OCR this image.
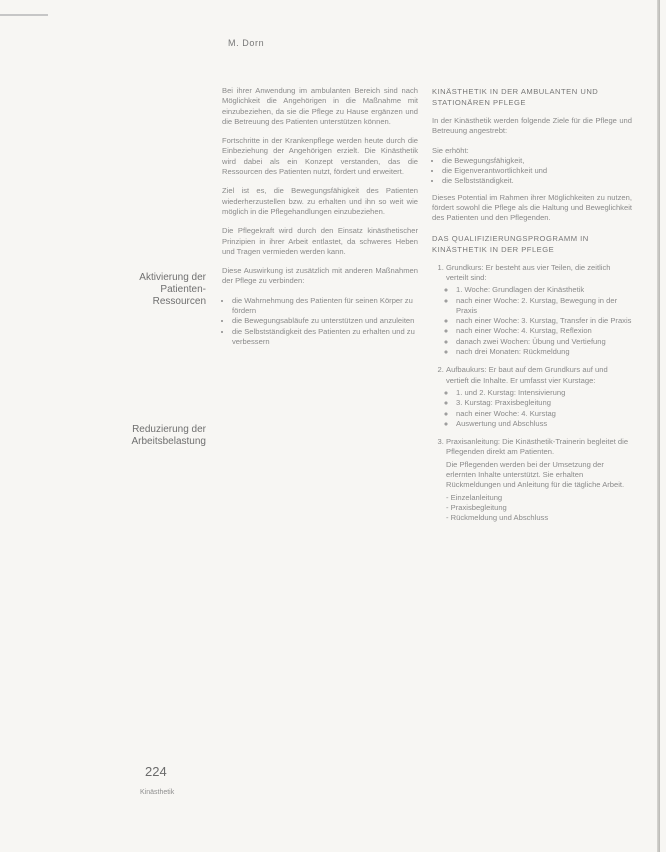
M. Dorn
Aktivierung der Patienten-Ressourcen
Reduzierung der Arbeitsbelastung

Bei ihrer Anwendung im ambulanten Bereich sind nach Möglichkeit die Angehörigen in die Maßnahme mit einzubeziehen, da sie die Pflege zu Hause ergänzen und die Betreuung des Patienten unterstützen können.

Fortschritte in der Krankenpflege werden heute durch die Einbeziehung der Angehörigen erzielt. Die Kinästhetik wird dabei als ein Konzept verstanden, das die Ressourcen des Patienten nutzt, fördert und erweitert.

Ziel ist es, die Bewegungsfähigkeit des Patienten wiederherzustellen bzw. zu erhalten und ihn so weit wie möglich in die Pflegehandlungen einzubeziehen.

Die Pflegekraft wird durch den Einsatz kinästhetischer Prinzipien in ihrer Arbeit entlastet, da schweres Heben und Tragen vermieden werden kann.

Diese Auswirkung ist zusätzlich mit anderen Maßnahmen der Pflege zu verbinden:

• die Wahrnehmung des Patienten für seinen Körper zu fördern
• die Bewegungsabläufe zu unterstützen und anzuleiten
• die Selbstständigkeit des Patienten zu erhalten und zu verbessern
KINÄSTHETIK IN DER AMBULANTEN UND STATIONÄREN PFLEGE

In der Kinästhetik werden folgende Ziele für die Pflege und Betreuung angestrebt:

Sie erhöht:
• die Bewegungsfähigkeit,
• die Eigenverantwortlichkeit und
• die Selbstständigkeit.

Dieses Potential im Rahmen ihrer Möglichkeiten zu nutzen, fördert sowohl die Pflege als die Haltung und Beweglichkeit des Patienten und den Pflegenden.

DAS QUALIFIZIERUNGSPROGRAMM IN KINÄSTHETIK IN DER PFLEGE
1. Grundkurs: Er besteht aus vier Teilen, die zeitlich verteilt sind:
◦ 1. Woche: Grundlagen der Kinästhetik
◦ nach einer Woche: 2. Kurstag, Bewegung in der Praxis
◦ nach einer Woche: 3. Kurstag, Transfer in die Praxis
◦ nach einer Woche: 4. Kurstag, Reflexion
◦ danach zwei Wochen: Übung und Vertiefung
◦ nach drei Monaten: Rückmeldung
2. Aufbaukurs: Er baut auf dem Grundkurs auf und vertieft die Inhalte. Er umfasst vier Kurstage:
◦ 1. und 2. Kurstag: Intensivierung
◦ 3. Kurstag: Praxisbegleitung
◦ nach einer Woche: 4. Kurstag
◦ Auswertung und Abschluss
3. Praxisanleitung: Die Kinästhetik-Trainerin begleitet die Pflegenden direkt am Patienten.
Die Pflegenden werden bei der Umsetzung der erlernten Inhalte unterstützt. Sie erhalten Rückmeldungen und Anleitung für die tägliche Arbeit.
- Einzelanleitung
- Praxisbegleitung
- Rückmeldung und Abschluss
224
Kinästhetik
